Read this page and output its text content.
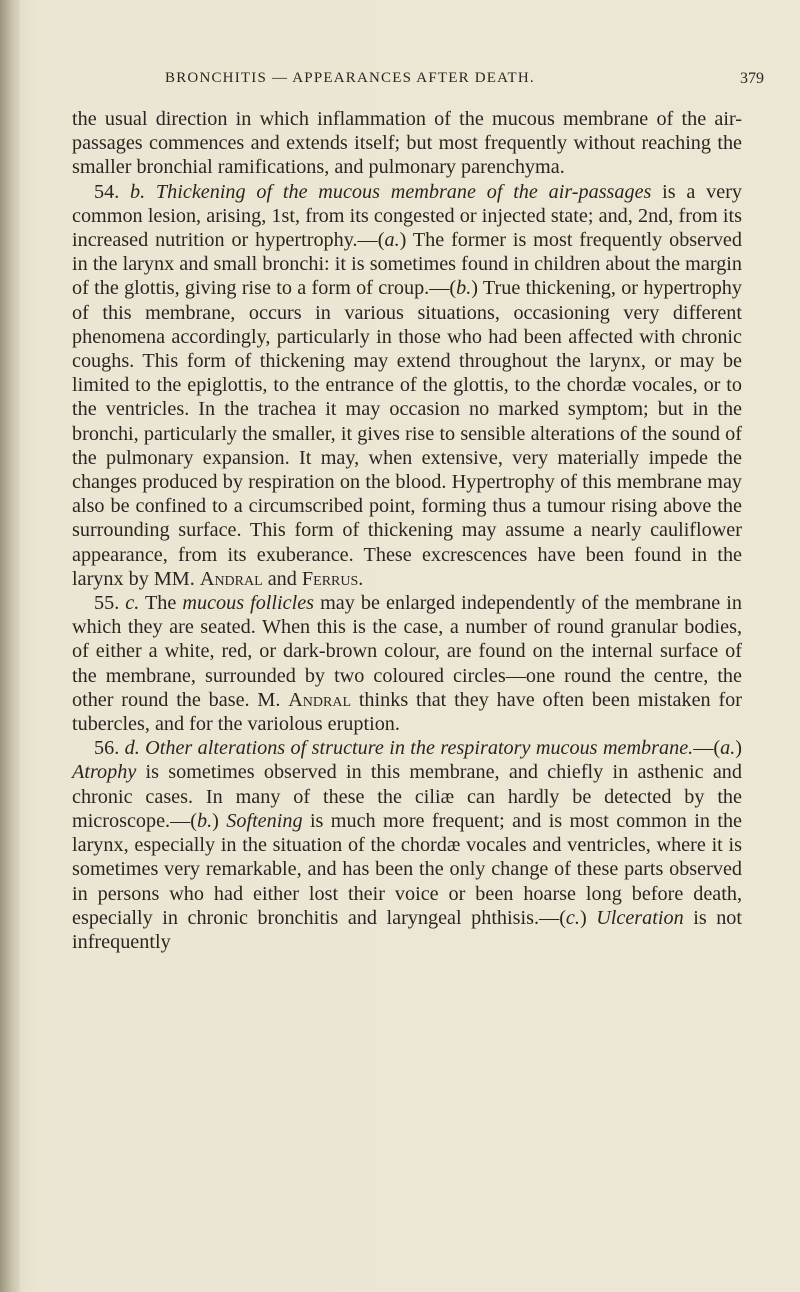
BRONCHITIS — APPEARANCES AFTER DEATH.	379

the usual direction in which inflammation of the mucous membrane of the air-passages commences and extends itself; but most frequently without reaching the smaller bronchial ramifications, and pulmonary parenchyma.

54. b. Thickening of the mucous membrane of the air-passages is a very common lesion, arising, 1st, from its congested or injected state; and, 2nd, from its increased nutrition or hypertrophy.—(a.) The former is most frequently observed in the larynx and small bronchi: it is sometimes found in children about the margin of the glottis, giving rise to a form of croup.—(b.) True thickening, or hypertrophy of this membrane, occurs in various situations, occasioning very different phenomena accordingly, particularly in those who had been affected with chronic coughs. This form of thickening may extend throughout the larynx, or may be limited to the epiglottis, to the entrance of the glottis, to the chordæ vocales, or to the ventricles. In the trachea it may occasion no marked symptom; but in the bronchi, particularly the smaller, it gives rise to sensible alterations of the sound of the pulmonary expansion. It may, when extensive, very materially impede the changes produced by respiration on the blood. Hypertrophy of this membrane may also be confined to a circumscribed point, forming thus a tumour rising above the surrounding surface. This form of thickening may assume a nearly cauliflower appearance, from its exuberance. These excrescences have been found in the larynx by MM. Andral and Ferrus.

55. c. The mucous follicles may be enlarged independently of the membrane in which they are seated. When this is the case, a number of round granular bodies, of either a white, red, or dark-brown colour, are found on the internal surface of the membrane, surrounded by two coloured circles—one round the centre, the other round the base. M. Andral thinks that they have often been mistaken for tubercles, and for the variolous eruption.

56. d. Other alterations of structure in the respiratory mucous membrane.—(a.) Atrophy is sometimes observed in this membrane, and chiefly in asthenic and chronic cases. In many of these the ciliæ can hardly be detected by the microscope.—(b.) Softening is much more frequent; and is most common in the larynx, especially in the situation of the chordæ vocales and ventricles, where it is sometimes very remarkable, and has been the only change of these parts observed in persons who had either lost their voice or been hoarse long before death, especially in chronic bronchitis and laryngeal phthisis.—(c.) Ulceration is not infrequently
